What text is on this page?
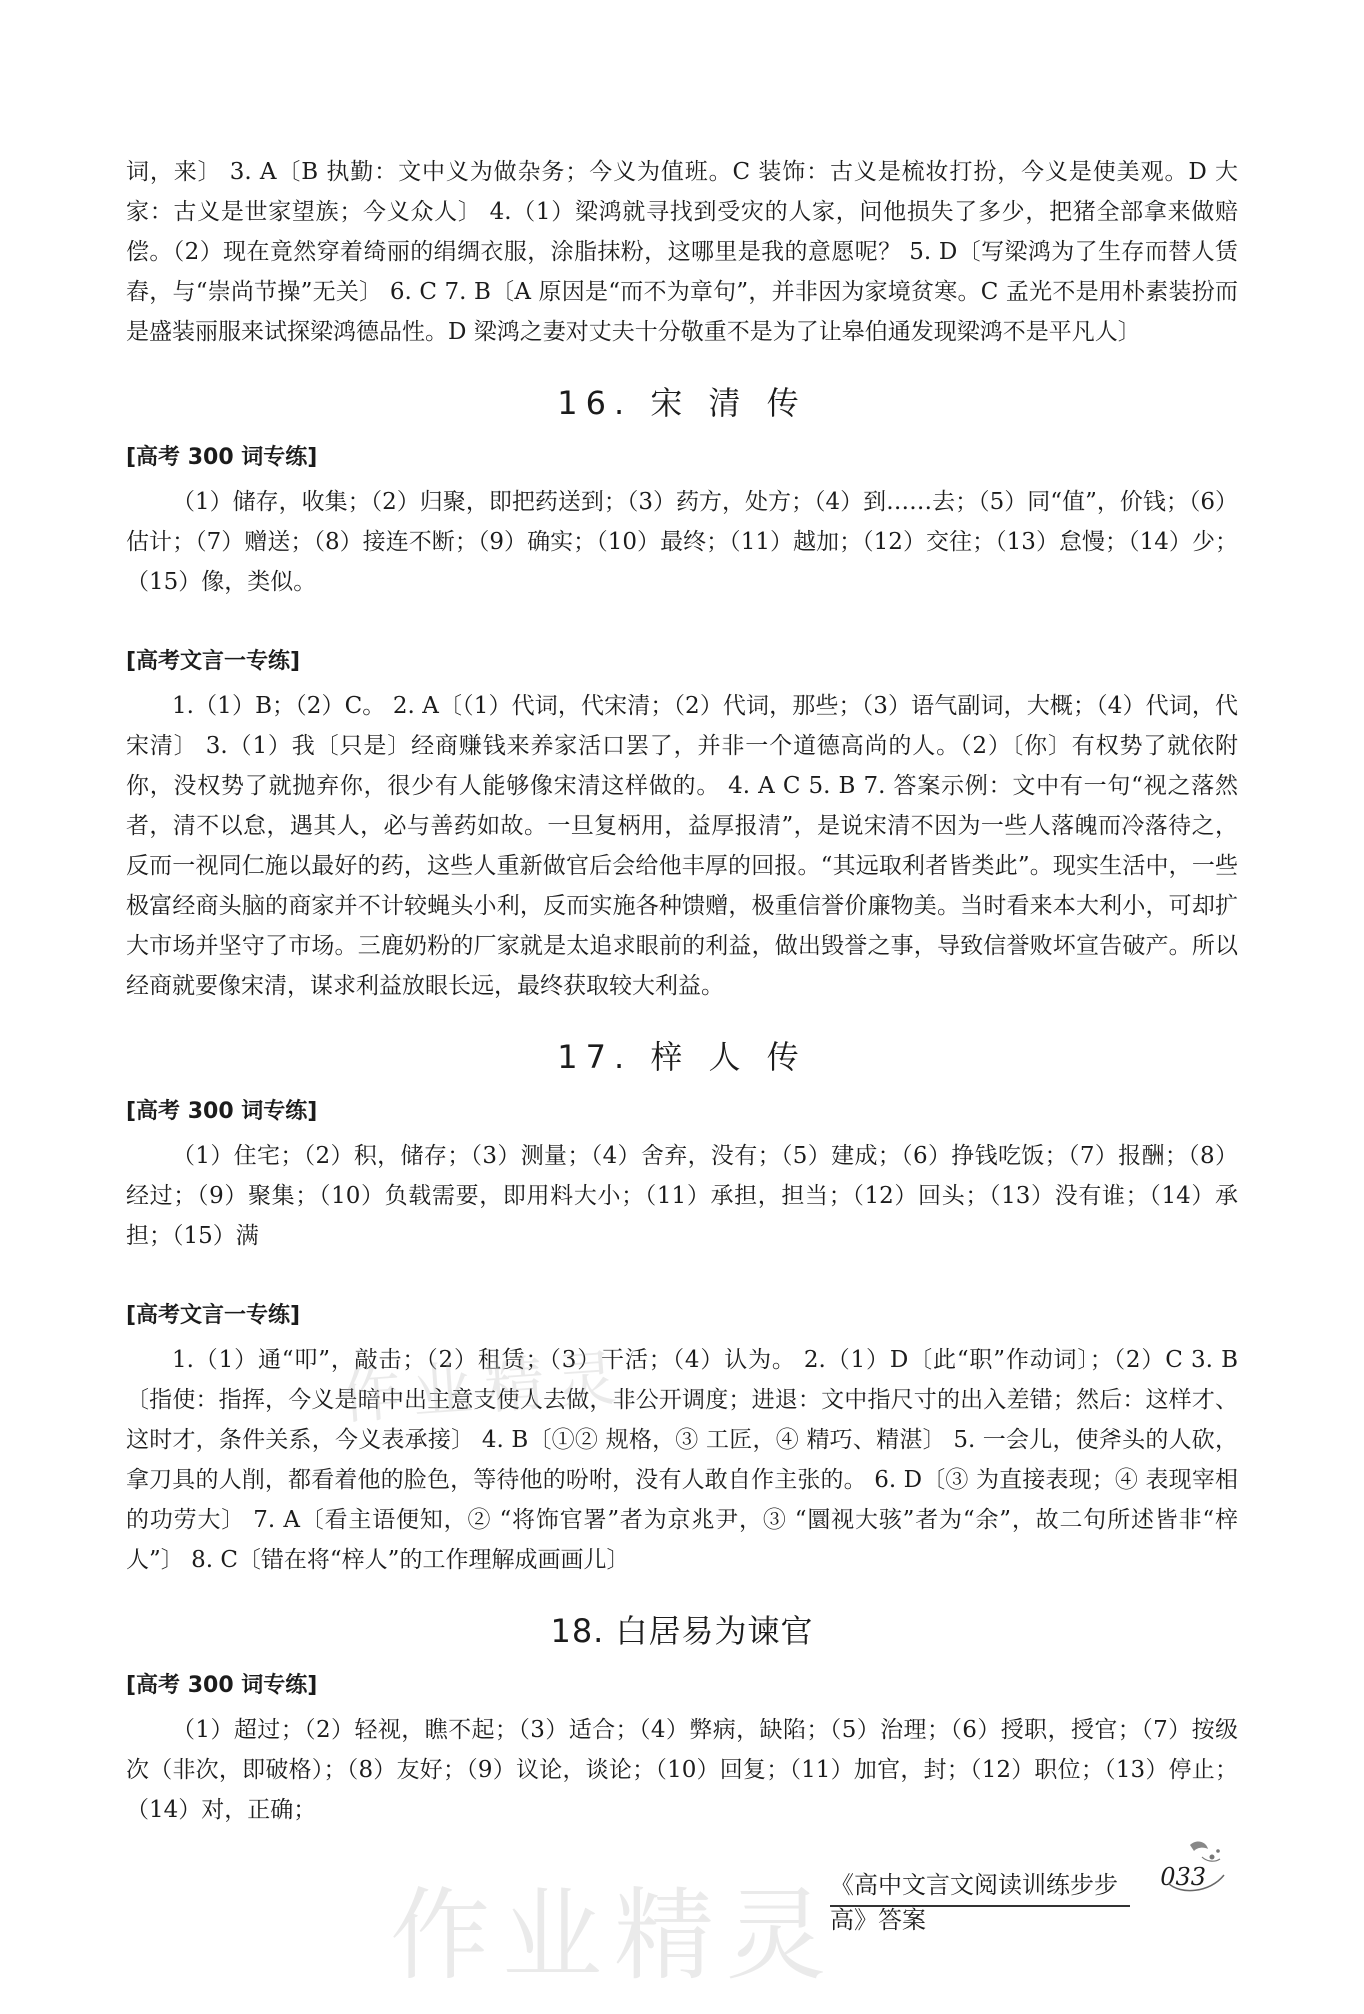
词，来〕 3. A〔B 执勤：文中义为做杂务；今义为值班。C 装饰：古义是梳妆打扮，今义是使美观。D 大家：古义是世家望族；今义众人〕 4.（1）梁鸿就寻找到受灾的人家，问他损失了多少，把猪全部拿来做赔偿。（2）现在竟然穿着绮丽的绢绸衣服，涂脂抹粉，这哪里是我的意愿呢？ 5. D〔写梁鸿为了生存而替人赁舂，与“崇尚节操”无关〕 6. C 7. B〔A 原因是“而不为章句”，并非因为家境贫寒。C 孟光不是用朴素装扮而是盛装丽服来试探梁鸿德品性。D 梁鸿之妻对丈夫十分敬重不是为了让皋伯通发现梁鸿不是平凡人〕

16. 宋 清 传
[高考 300 词专练]

（1）储存，收集；（2）归聚，即把药送到；（3）药方，处方；（4）到……去；（5）同“值”，价钱；（6）估计；（7）赠送；（8）接连不断；（9）确实；（10）最终；（11）越加；（12）交往；（13）怠慢；（14）少；（15）像，类似。

[高考文言一专练]

1.（1）B；（2）C。 2. A〔（1）代词，代宋清；（2）代词，那些；（3）语气副词，大概；（4）代词，代宋清〕 3.（1）我〔只是〕经商赚钱来养家活口罢了，并非一个道德高尚的人。（2）〔你〕有权势了就依附你，没权势了就抛弃你，很少有人能够像宋清这样做的。 4. A C 5. B 7. 答案示例：文中有一句“视之落然者，清不以怠，遇其人，必与善药如故。一旦复柄用，益厚报清”，是说宋清不因为一些人落魄而冷落待之，反而一视同仁施以最好的药，这些人重新做官后会给他丰厚的回报。“其远取利者皆类此”。现实生活中，一些极富经商头脑的商家并不计较蝇头小利，反而实施各种馈赠，极重信誉价廉物美。当时看来本大利小，可却扩大市场并坚守了市场。三鹿奶粉的厂家就是太追求眼前的利益，做出毁誉之事，导致信誉败坏宣告破产。所以经商就要像宋清，谋求利益放眼长远，最终获取较大利益。

17. 梓 人 传
[高考 300 词专练]

（1）住宅；（2）积，储存；（3）测量；（4）舍弃，没有；（5）建成；（6）挣钱吃饭；（7）报酬；（8）经过；（9）聚集；（10）负载需要，即用料大小；（11）承担，担当；（12）回头；（13）没有谁；（14）承担；（15）满

[高考文言一专练]

1.（1）通“叩”，敲击；（2）租赁；（3）干活；（4）认为。 2.（1）D〔此“职”作动词〕；（2）C 3. B〔指使：指挥，今义是暗中出主意支使人去做，非公开调度；进退：文中指尺寸的出入差错；然后：这样才、这时才，条件关系，今义表承接〕 4. B〔①② 规格，③ 工匠，④ 精巧、精湛〕 5. 一会儿，使斧头的人砍，拿刀具的人削，都看着他的脸色，等待他的吩咐，没有人敢自作主张的。 6. D〔③ 为直接表现；④ 表现宰相的功劳大〕 7. A〔看主语便知，② “将饰官署”者为京兆尹，③ “圜视大骇”者为“余”，故二句所述皆非“梓人”〕 8. C〔错在将“梓人”的工作理解成画画儿〕

18. 白居易为谏官
[高考 300 词专练]

（1）超过；（2）轻视，瞧不起；（3）适合；（4）弊病，缺陷；（5）治理；（6）授职，授官；（7）按级次（非次，即破格）；（8）友好；（9）议论，谈论；（10）回复；（11）加官，封；（12）职位；（13）停止；（14）对，正确；

作业精灵
《高中文言文阅读训练步步高》答案
033
作业精灵
